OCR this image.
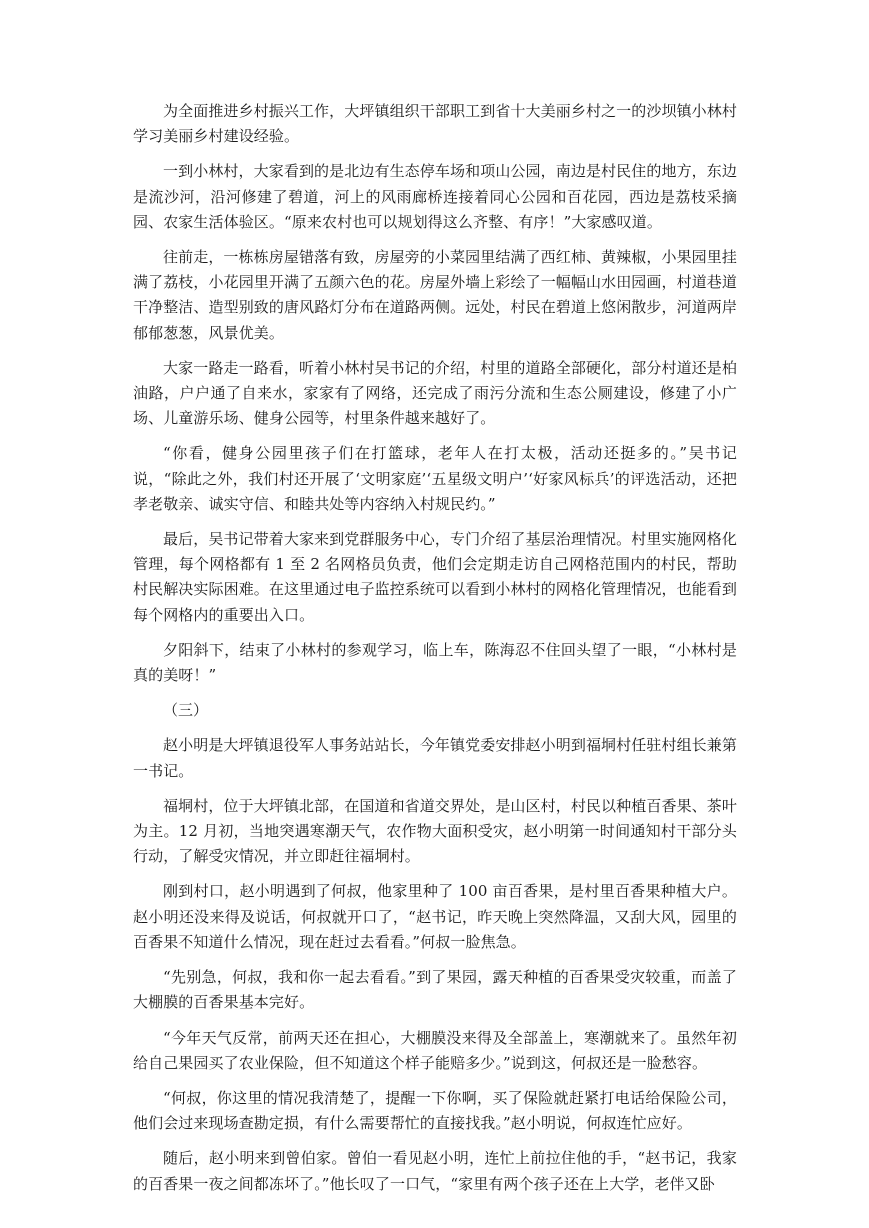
为全面推进乡村振兴工作，大坪镇组织干部职工到省十大美丽乡村之一的沙坝镇小林村学习美丽乡村建设经验。

一到小林村，大家看到的是北边有生态停车场和项山公园，南边是村民住的地方，东边是流沙河，沿河修建了碧道，河上的风雨廊桥连接着同心公园和百花园，西边是荔枝采摘园、农家生活体验区。“原来农村也可以规划得这么齐整、有序！”大家感叹道。

往前走，一栋栋房屋错落有致，房屋旁的小菜园里结满了西红柿、黄辣椒，小果园里挂满了荔枝，小花园里开满了五颜六色的花。房屋外墙上彩绘了一幅幅山水田园画，村道巷道干净整洁、造型别致的唐风路灯分布在道路两侧。远处，村民在碧道上悠闲散步，河道两岸郁郁葱葱，风景优美。

大家一路走一路看，听着小林村吴书记的介绍，村里的道路全部硬化，部分村道还是柏油路，户户通了自来水，家家有了网络，还完成了雨污分流和生态公厕建设，修建了小广场、儿童游乐场、健身公园等，村里条件越来越好了。

“你看，健身公园里孩子们在打篮球，老年人在打太极，活动还挺多的。”吴书记说，“除此之外，我们村还开展了‘文明家庭’‘五星级文明户’‘好家风标兵’的评选活动，还把孝老敬亲、诚实守信、和睦共处等内容纳入村规民约。”

最后，吴书记带着大家来到党群服务中心，专门介绍了基层治理情况。村里实施网格化管理，每个网格都有 1 至 2 名网格员负责，他们会定期走访自己网格范围内的村民，帮助村民解决实际困难。在这里通过电子监控系统可以看到小林村的网格化管理情况，也能看到每个网格内的重要出入口。

夕阳斜下，结束了小林村的参观学习，临上车，陈海忍不住回头望了一眼，“小林村是真的美呀！”

（三）

赵小明是大坪镇退役军人事务站站长，今年镇党委安排赵小明到福垌村任驻村组长兼第一书记。

福垌村，位于大坪镇北部，在国道和省道交界处，是山区村，村民以种植百香果、茶叶为主。12 月初，当地突遇寒潮天气，农作物大面积受灾，赵小明第一时间通知村干部分头行动，了解受灾情况，并立即赶往福垌村。

刚到村口，赵小明遇到了何叔，他家里种了 100 亩百香果，是村里百香果种植大户。赵小明还没来得及说话，何叔就开口了，“赵书记，昨天晚上突然降温，又刮大风，园里的百香果不知道什么情况，现在赶过去看看。”何叔一脸焦急。

“先别急，何叔，我和你一起去看看。”到了果园，露天种植的百香果受灾较重，而盖了大棚膜的百香果基本完好。

“今年天气反常，前两天还在担心，大棚膜没来得及全部盖上，寒潮就来了。虽然年初给自己果园买了农业保险，但不知道这个样子能赔多少。”说到这，何叔还是一脸愁容。

“何叔，你这里的情况我清楚了，提醒一下你啊，买了保险就赶紧打电话给保险公司，他们会过来现场查勘定损，有什么需要帮忙的直接找我。”赵小明说，何叔连忙应好。

随后，赵小明来到曾伯家。曾伯一看见赵小明，连忙上前拉住他的手，“赵书记，我家的百香果一夜之间都冻坏了。”他长叹了一口气，“家里有两个孩子还在上大学，老伴又卧
